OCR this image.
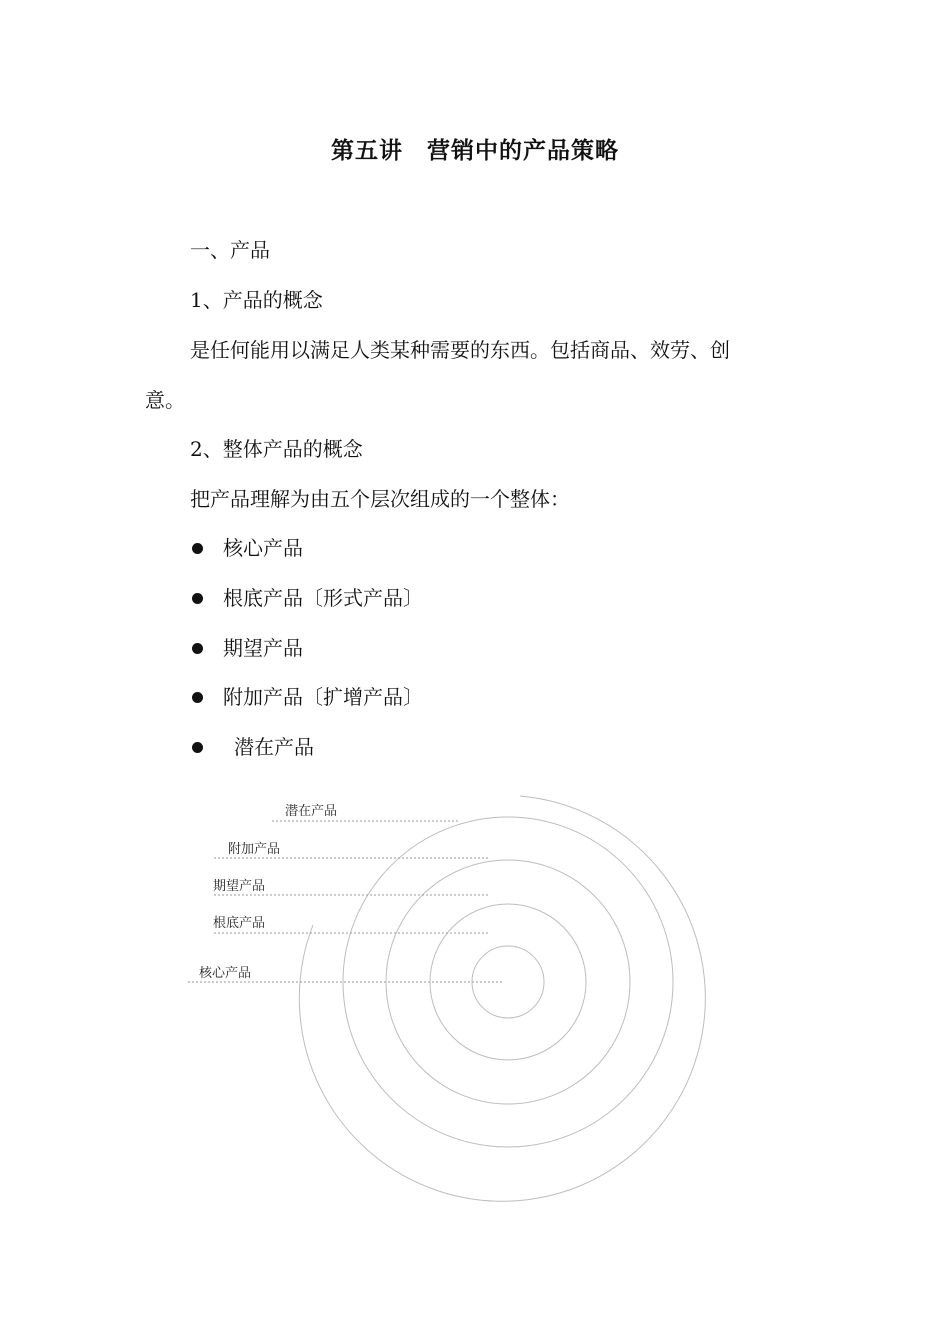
第五讲　营销中的产品策略
一、产品
1、产品的概念
是任何能用以满足人类某种需要的东西。包括商品、效劳、创
意。
2、整体产品的概念
把产品理解为由五个层次组成的一个整体：
核心产品
根底产品〔形式产品〕
期望产品
附加产品〔扩增产品〕
潜在产品
潜在产品
附加产品
期望产品
根底产品
核心产品
